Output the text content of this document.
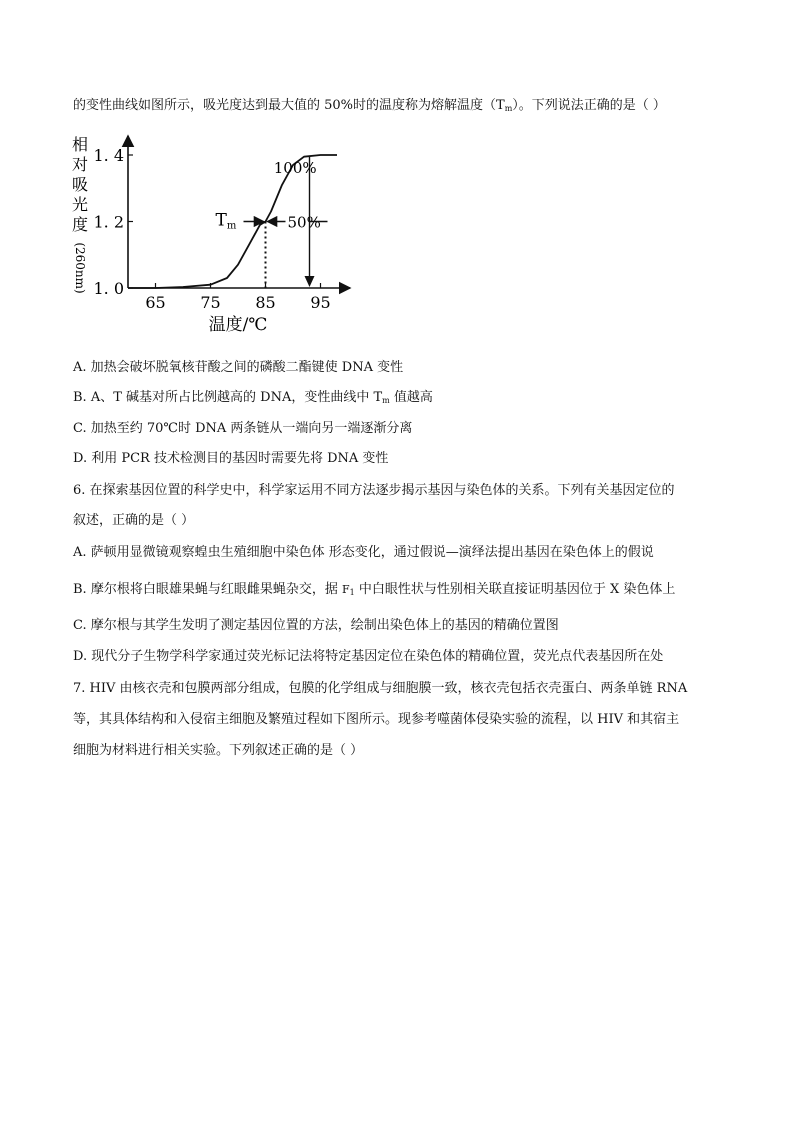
的变性曲线如图所示，吸光度达到最大值的 50%时的温度称为熔解温度$(T_m)$。下列说法正确的是（ ）
相
对
吸
光
度
(260nm)
65 75 85 95
1. 4
1. 2
1. 0
温度/℃
Tm	50%
100%
A. 加热会破坏脱氧核苷酸之间的磷酸二酯键使 DNA 变性
B. A、T 碱基对所占比例越高的 DNA，变性曲线中 $T_m$ 值越高
C. 加热至约 70℃时 DNA 两条链从一端向另一端逐渐分离
D. 利用 PCR 技术检测目的基因时需要先将 DNA 变性
6. 在探索基因位置的科学史中，科学家运用不同方法逐步揭示基因与染色体的关系。下列有关基因定位的
叙述，正确的是（ ）
A. 萨顿用显微镜观察蝗虫生殖细胞中染色体 形态变化，通过假说—演绎法提出基因在染色体上的假说
B. 摩尔根将白眼雄果蝇与红眼雌果蝇杂交，据 $F_1$ 中白眼性状与性别相关联直接证明基因位于 X 染色体上
C. 摩尔根与其学生发明了测定基因位置的方法，绘制出染色体上的基因的精确位置图
D. 现代分子生物学科学家通过荧光标记法将特定基因定位在染色体的精确位置，荧光点代表基因所在处
7. HIV 由核衣壳和包膜两部分组成，包膜的化学组成与细胞膜一致，核衣壳包括衣壳蛋白、两条单链 RNA
等，其具体结构和入侵宿主细胞及繁殖过程如下图所示。现参考噬菌体侵染实验的流程，以 HIV 和其宿主
细胞为材料进行相关实验。下列叙述正确的是（ ）
